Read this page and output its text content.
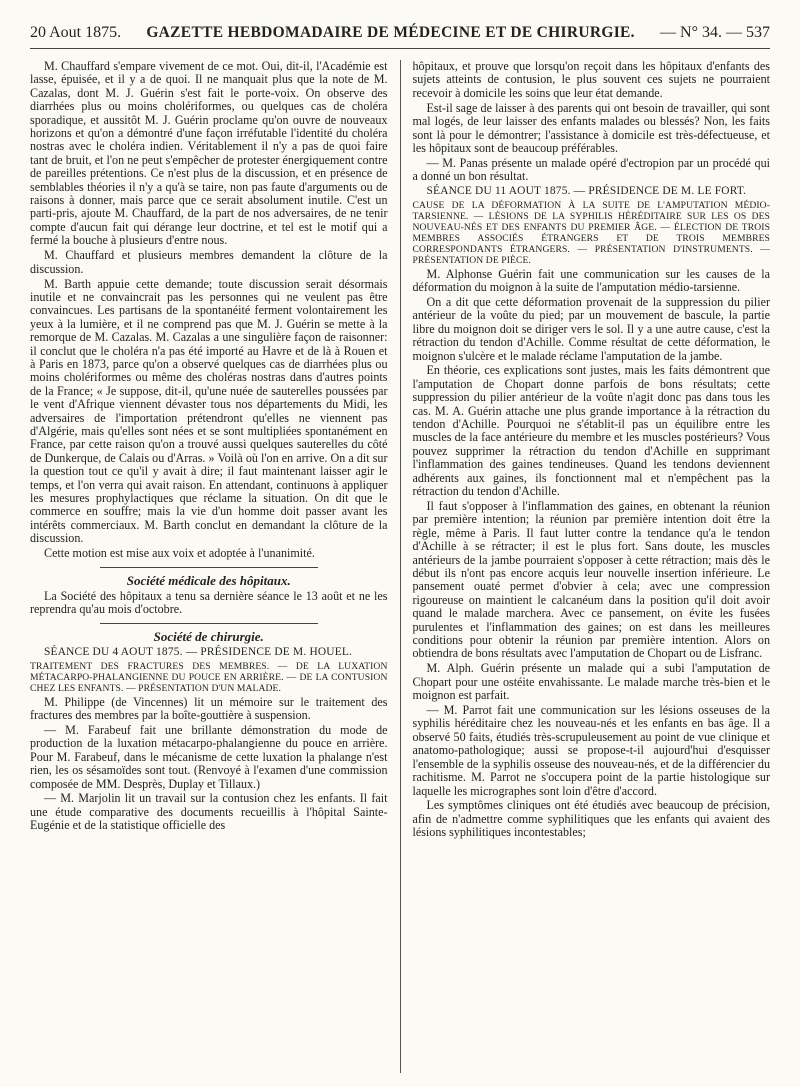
20 Aout 1875. GAZETTE HEBDOMADAIRE DE MÉDECINE ET DE CHIRURGIE. — N° 34. — 537

M. Chauffard s'empare vivement de ce mot. Oui, dit-il, l'Académie est lasse, épuisée, et il y a de quoi. Il ne manquait plus que la note de M. Cazalas, dont M. J. Guérin s'est fait le porte-voix. On observe des diarrhées plus ou moins cholériformes, ou quelques cas de choléra sporadique, et aussitôt M. J. Guérin proclame qu'on ouvre de nouveaux horizons et qu'on a démontré d'une façon irréfutable l'identité du choléra nostras avec le choléra indien. Véritablement il n'y a pas de quoi faire tant de bruit, et l'on ne peut s'empêcher de protester énergiquement contre de pareilles prétentions. Ce n'est plus de la discussion, et en présence de semblables théories il n'y a qu'à se taire, non pas faute d'arguments ou de raisons à donner, mais parce que ce serait absolument inutile. C'est un parti-pris, ajoute M. Chauffard, de la part de nos adversaires, de ne tenir compte d'aucun fait qui dérange leur doctrine, et tel est le motif qui a fermé la bouche à plusieurs d'entre nous.

M. Chauffard et plusieurs membres demandent la clôture de la discussion.

M. Barth appuie cette demande; toute discussion serait désormais inutile et ne convaincrait pas les personnes qui ne veulent pas être convaincues. Les partisans de la spontanéité ferment volontairement les yeux à la lumière, et il ne comprend pas que M. J. Guérin se mette à la remorque de M. Cazalas. M. Cazalas a une singulière façon de raisonner: il conclut que le choléra n'a pas été importé au Havre et de là à Rouen et à Paris en 1873, parce qu'on a observé quelques cas de diarrhées plus ou moins cholériformes ou même des choléras nostras dans d'autres points de la France; « Je suppose, dit-il, qu'une nuée de sauterelles poussées par le vent d'Afrique viennent dévaster tous nos départements du Midi, les adversaires de l'importation prétendront qu'elles ne viennent pas d'Algérie, mais qu'elles sont nées et se sont multipliées spontanément en France, par cette raison qu'on a trouvé aussi quelques sauterelles du côté de Dunkerque, de Calais ou d'Arras. » Voilà où l'on en arrive. On a dit sur la question tout ce qu'il y avait à dire; il faut maintenant laisser agir le temps, et l'on verra qui avait raison. En attendant, continuons à appliquer les mesures prophylactiques que réclame la situation. On dit que le commerce en souffre; mais la vie d'un homme doit passer avant les intérêts commerciaux. M. Barth conclut en demandant la clôture de la discussion.

Cette motion est mise aux voix et adoptée à l'unanimité.

Société médicale des hôpitaux.

La Société des hôpitaux a tenu sa dernière séance le 13 août et ne les reprendra qu'au mois d'octobre.

Société de chirurgie.

SÉANCE DU 4 AOUT 1875. — PRÉSIDENCE DE M. HOUEL.

TRAITEMENT DES FRACTURES DES MEMBRES. — DE LA LUXATION MÉTACARPO-PHALANGIENNE DU POUCE EN ARRIÈRE. — DE LA CONTUSION CHEZ LES ENFANTS. — PRÉSENTATION D'UN MALADE.

M. Philippe (de Vincennes) lit un mémoire sur le traitement des fractures des membres par la boîte-gouttière à suspension.

— M. Farabeuf fait une brillante démonstration du mode de production de la luxation métacarpo-phalangienne du pouce en arrière. Pour M. Farabeuf, dans le mécanisme de cette luxation la phalange n'est rien, les os sésamoïdes sont tout. (Renvoyé à l'examen d'une commission composée de MM. Desprès, Duplay et Tillaux.)

— M. Marjolin lit un travail sur la contusion chez les enfants. Il fait une étude comparative des documents recueillis à l'hôpital Sainte-Eugénie et de la statistique officielle des

hôpitaux, et prouve que lorsqu'on reçoit dans les hôpitaux d'enfants des sujets atteints de contusion, le plus souvent ces sujets ne pourraient recevoir à domicile les soins que leur état demande.

Est-il sage de laisser à des parents qui ont besoin de travailler, qui sont mal logés, de leur laisser des enfants malades ou blessés? Non, les faits sont là pour le démontrer; l'assistance à domicile est très-défectueuse, et les hôpitaux sont de beaucoup préférables.

— M. Panas présente un malade opéré d'ectropion par un procédé qui a donné un bon résultat.

SÉANCE DU 11 AOUT 1875. — PRÉSIDENCE DE M. LE FORT.

CAUSE DE LA DÉFORMATION À LA SUITE DE L'AMPUTATION MÉDIO-TARSIENNE. — LÉSIONS DE LA SYPHILIS HÉRÉDITAIRE SUR LES OS DES NOUVEAU-NÉS ET DES ENFANTS DU PREMIER ÂGE. — ÉLECTION DE TROIS MEMBRES ASSOCIÉS ÉTRANGERS ET DE TROIS MEMBRES CORRESPONDANTS ÉTRANGERS. — PRÉSENTATION D'INSTRUMENTS. — PRÉSENTATION DE PIÈCE.

M. Alphonse Guérin fait une communication sur les causes de la déformation du moignon à la suite de l'amputation médio-tarsienne.

On a dit que cette déformation provenait de la suppression du pilier antérieur de la voûte du pied; par un mouvement de bascule, la partie libre du moignon doit se diriger vers le sol. Il y a une autre cause, c'est la rétraction du tendon d'Achille. Comme résultat de cette déformation, le moignon s'ulcère et le malade réclame l'amputation de la jambe.

En théorie, ces explications sont justes, mais les faits démontrent que l'amputation de Chopart donne parfois de bons résultats; cette suppression du pilier antérieur de la voûte n'agit donc pas dans tous les cas. M. A. Guérin attache une plus grande importance à la rétraction du tendon d'Achille. Pourquoi ne s'établit-il pas un équilibre entre les muscles de la face antérieure du membre et les muscles postérieurs? Vous pouvez supprimer la rétraction du tendon d'Achille en supprimant l'inflammation des gaines tendineuses. Quand les tendons deviennent adhérents aux gaines, ils fonctionnent mal et n'empêchent pas la rétraction du tendon d'Achille.

Il faut s'opposer à l'inflammation des gaines, en obtenant la réunion par première intention; la réunion par première intention doit être la règle, même à Paris. Il faut lutter contre la tendance qu'a le tendon d'Achille à se rétracter; il est le plus fort. Sans doute, les muscles antérieurs de la jambe pourraient s'opposer à cette rétraction; mais dès le début ils n'ont pas encore acquis leur nouvelle insertion inférieure. Le pansement ouaté permet d'obvier à cela; avec une compression rigoureuse on maintient le calcanéum dans la position qu'il doit avoir quand le malade marchera. Avec ce pansement, on évite les fusées purulentes et l'inflammation des gaines; on est dans les meilleures conditions pour obtenir la réunion par première intention. Alors on obtiendra de bons résultats avec l'amputation de Chopart ou de Lisfranc.

M. Alph. Guérin présente un malade qui a subi l'amputation de Chopart pour une ostéite envahissante. Le malade marche très-bien et le moignon est parfait.

— M. Parrot fait une communication sur les lésions osseuses de la syphilis héréditaire chez les nouveau-nés et les enfants en bas âge. Il a observé 50 faits, étudiés très-scrupuleusement au point de vue clinique et anatomo-pathologique; aussi se propose-t-il aujourd'hui d'esquisser l'ensemble de la syphilis osseuse des nouveau-nés, et de la différencier du rachitisme. M. Parrot ne s'occupera point de la partie histologique sur laquelle les micrographes sont loin d'être d'accord.

Les symptômes cliniques ont été étudiés avec beaucoup de précision, afin de n'admettre comme syphilitiques que les enfants qui avaient des lésions syphilitiques incontestables;
